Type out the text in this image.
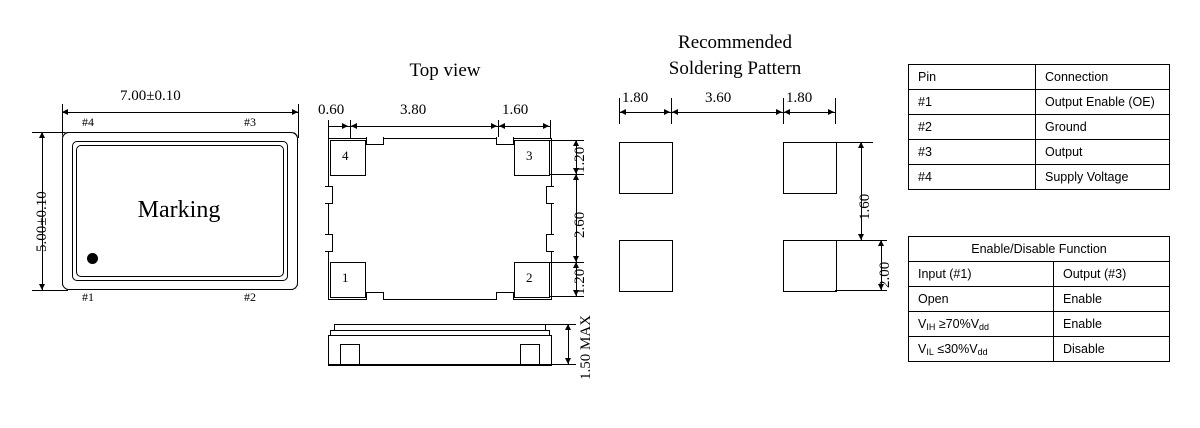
7.00±0.10
5.00±0.10	Marking
#4	#3
#1	#2
Top view
0.60	3.80	1.60
4	3
1	2
1.20
2.60
1.20
1.50 MAX
Recommended
Soldering Pattern
1.80	3.60	1.80
1.60
2.00
Pin	Connection
#1	Output Enable (OE)
#2	Ground
#3	Output
#4	Supply Voltage
Enable/Disable Function	
Input (#1)	Output (#3)
Open	Enable
VIH ≥70%Vdd	Enable
VIL ≤30%Vdd	Disable
